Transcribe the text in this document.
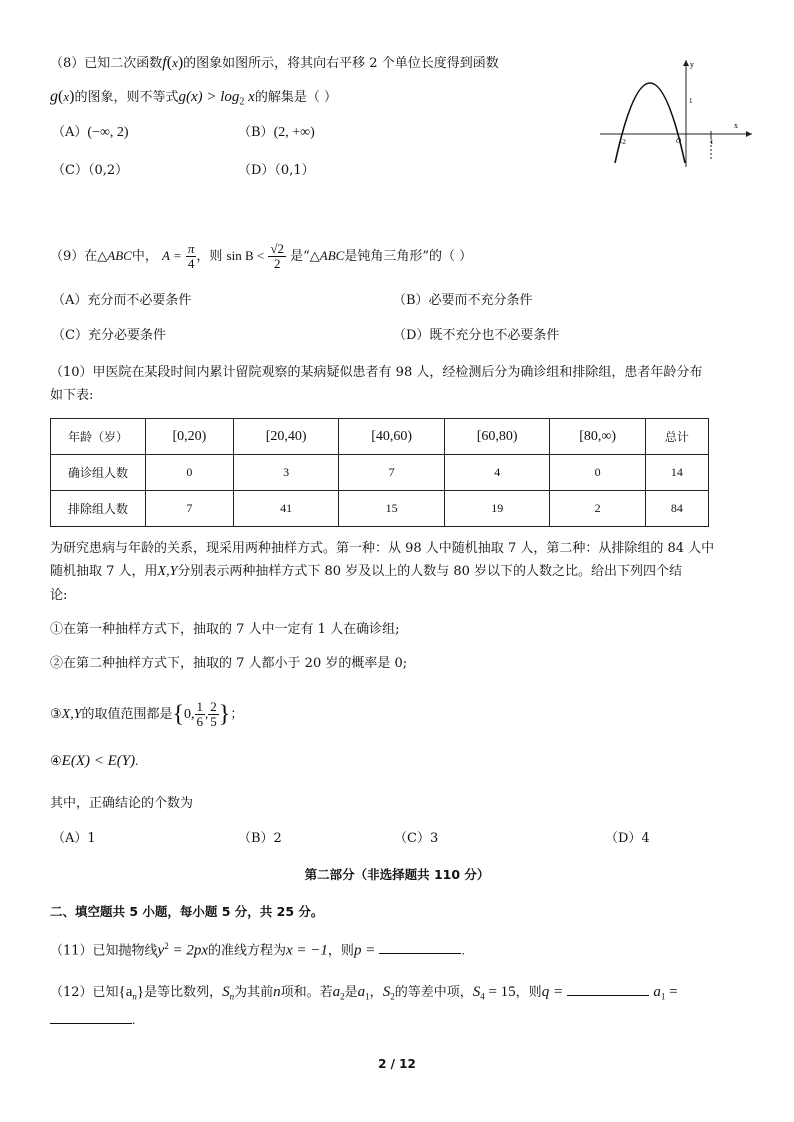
（8）已知二次函数f(x)的图象如图所示，将其向右平移 2 个单位长度得到函数
g(x)的图象，则不等式$g(x) > \log_2 x$的解集是（ ）
（A）(−∞, 2)	（B）(2, +∞)
（C）（0,2）	（D）（0,1）
x
y
-2	O	1
1
（9）在△ABC中， $A = \frac{\pi}{4}$ ，则 $\sin B < \frac{√2}{2}$ 是“△ABC是钝角三角形”的（ ）
（A）充分而不必要条件	（B）必要而不充分条件
（C）充分必要条件	（D）既不充分也不必要条件
（10）甲医院在某段时间内累计留院观察的某病疑似患者有 98 人，经检测后分为确诊组和排除组，患者年龄分布
如下表:
年龄（岁）	[0,20)	[20,40)	[40,60)	[60,80)	[80,∞)	总计
确诊组人数	0	3	7	4	0	14
排除组人数	7	41	15	19	2	84
为研究患病与年龄的关系，现采用两种抽样方式。第一种：从 98 人中随机抽取 7 人，第二种：从排除组的 84 人中
随机抽取 7 人，用X,Y分别表示两种抽样方式下 80 岁及以上的人数与 80 岁以下的人数之比。给出下列四个结
论:
①在第一种抽样方式下，抽取的 7 人中一定有 1 人在确诊组;
②在第二种抽样方式下，抽取的 7 人都小于 20 岁的概率是 0;
③X,Y的取值范围都是{0, $\frac{1}{6}$ , $\frac{2}{5}$ }；
④E(X) < E(Y).
其中，正确结论的个数为
（A）1	（B）2	（C）3	（D）4
第二部分（非选择题共 110 分）
二、填空题共 5 小题，每小题 5 分，共 25 分。
（11）已知抛物线$y^2 = 2px$的准线方程为x = −1，则p =	.
（12）已知$\{a_n\}$是等比数列，$S_n$为其前n项和。若$a_2$是$a_1$，$S_2$的等差中项，$S_4 = 15$，则q =	$a_1$ =
.
2 / 12
